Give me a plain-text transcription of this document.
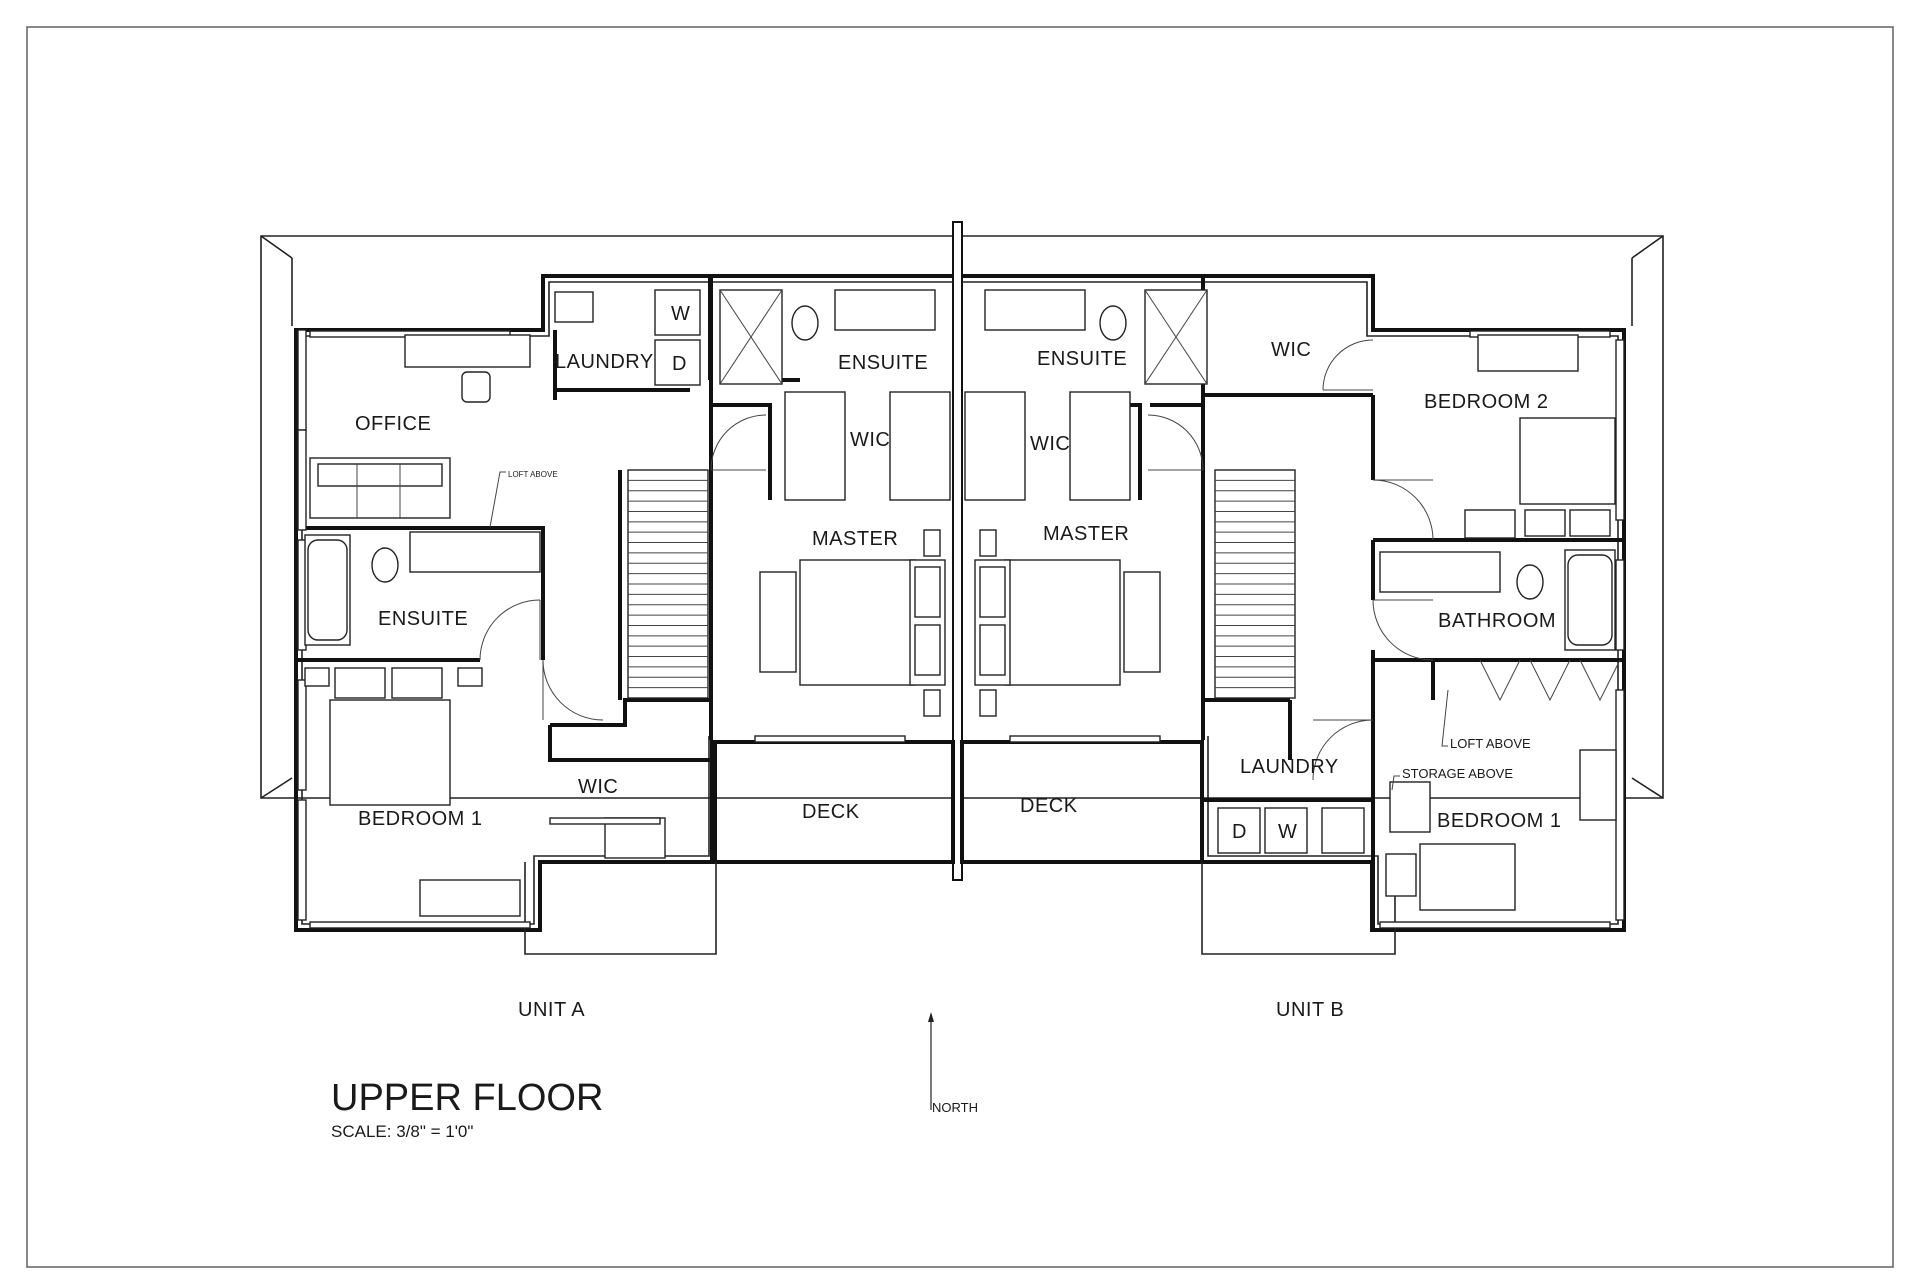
LAUNDRY
W
D
OFFICE
LOFT ABOVE
ENSUITE
BEDROOM 1
WIC
ENSUITE
WIC
MASTER
DECK	DECK
MASTER
WIC
ENSUITE	WIC
BEDROOM 2
BATHROOM
LOFT ABOVE
STORAGE ABOVE
LAUNDRY
D W	BEDROOM 1
NORTH
UNIT A	UNIT B
UPPER FLOOR
SCALE: 3/8" = 1'0"
